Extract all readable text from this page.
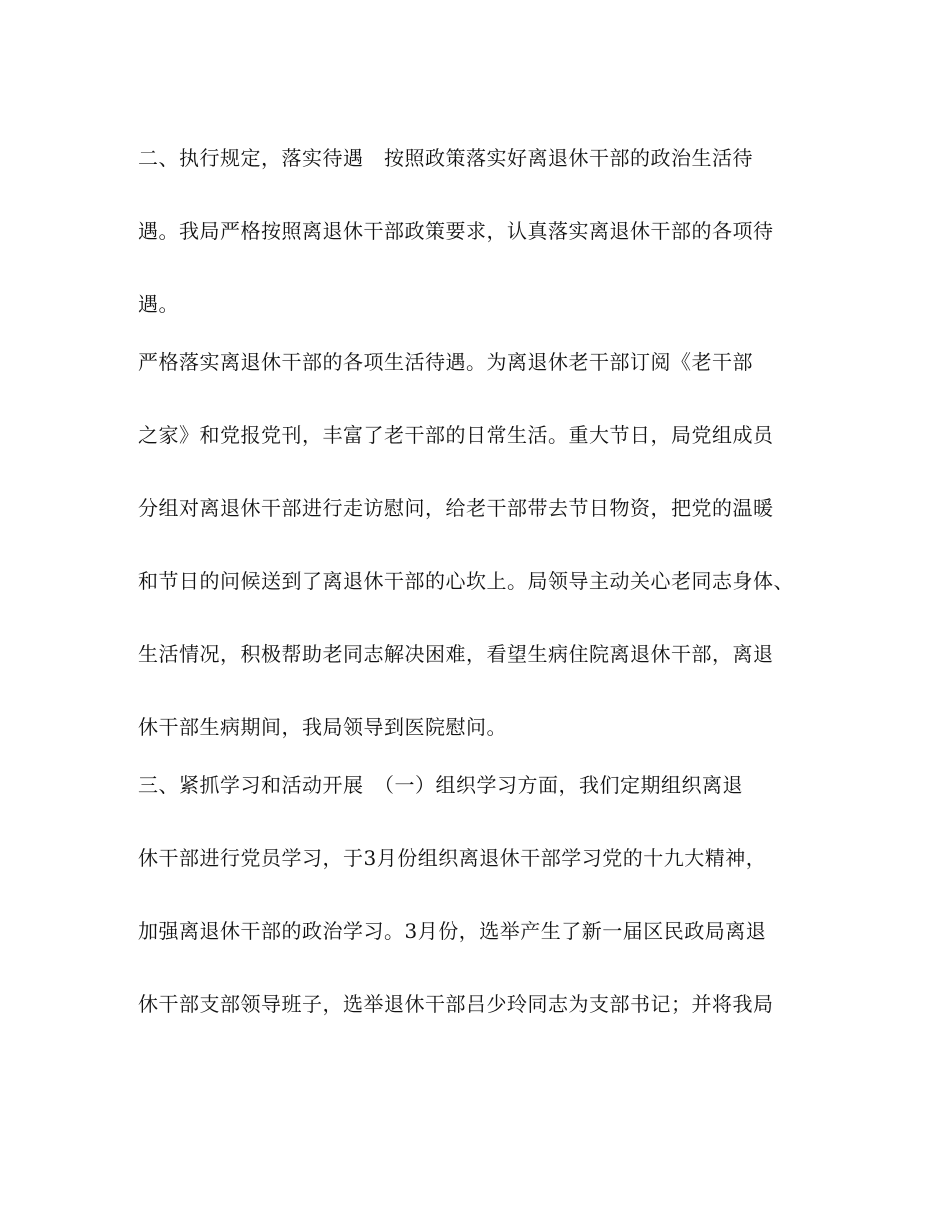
二、执行规定，落实待遇　按照政策落实好离退休干部的政治生活待

遇。我局严格按照离退休干部政策要求，认真落实离退休干部的各项待

遇。

严格落实离退休干部的各项生活待遇。为离退休老干部订阅《老干部

之家》和党报党刊，丰富了老干部的日常生活。重大节日，局党组成员

分组对离退休干部进行走访慰问，给老干部带去节日物资，把党的温暖

和节日的问候送到了离退休干部的心坎上。局领导主动关心老同志身体、

生活情况，积极帮助老同志解决困难，看望生病住院离退休干部，离退

休干部生病期间，我局领导到医院慰问。

三、紧抓学习和活动开展　（一）组织学习方面，我们定期组织离退

休干部进行党员学习，于3月份组织离退休干部学习党的十九大精神，

加强离退休干部的政治学习。3月份，选举产生了新一届区民政局离退

休干部支部领导班子，选举退休干部吕少玲同志为支部书记；并将我局
